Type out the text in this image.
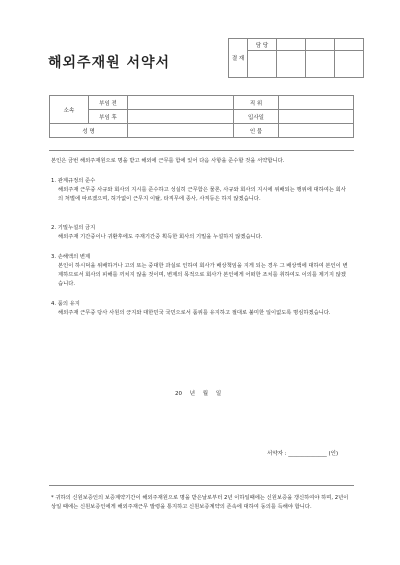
해외주재원 서약서	결 재	담 당			

소속	부임 전		직 위	
	부임 후		입사일	
성 명			인 뭅	
본인은 금번 해외주재원으로 명을 받고 해외에 근무를 함에 있어 다음 사항을 준수할 것을 서약합니다.

1. 관계규정의 준수

해외주재 근무중 사규와 회사의 지시를 준수하고 성실히 근무함은 물론, 사규와 회사의 지시에 위배되는 행위에 대하여는 회사의 처벌에 따르겠으며, 허가없이 근무지 이탈, 타직무에 종사, 사직등은 하지 않겠습니다.

2. 기밀누설의 금지

해외주재 기간중이나 귀환후에도 주재기간중 획득한 회사의 기밀을 누설하지 않겠습니다.

3. 손해액의 변제

본인이 하시덕을 위배하거나 고의 또는 중대한 과실로 인하여 회사가 배상책임을 지게 되는 경우 그 배상액에 대하여 본인이 변제하므로서 회사의 피해를 끼치지 않을 것이며, 변제의 목적으로 회사가 본인에게 어떠한 조치를 취하여도 이의를 제기지 않겠습니다.

4. 품의 유지

해외주재 근무중 당사 사원의 긍지와 대한민국 국민으로서 품위를 유지하고 절대로 불미한 일이없도록 명심하겠습니다.

20 년 월 일
서약자 : ______________ (인)
* 귀하의 신원보증인의 보증계약기간이 해외주재원으로 명을 받은날로부터 2년 이하일때에는 신원보증을 갱신하여야 하며, 2년이상일 때에는 신원보증인에게 해외주재근무 발령을 통지하고 신원보증계약의 존속에 대하여 동의를 득해야 합니다.
